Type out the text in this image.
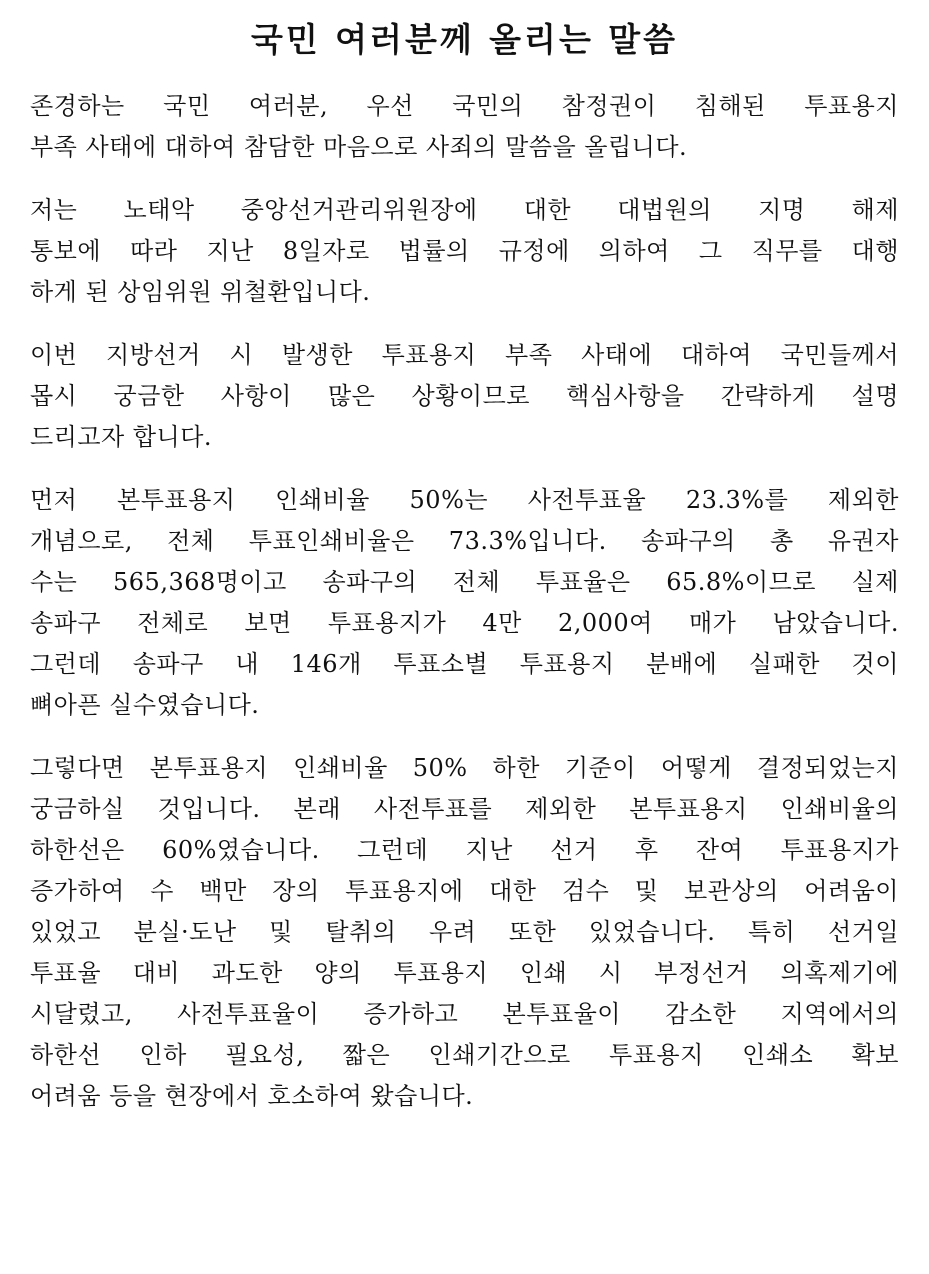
국민 여러분께 올리는 말씀
존경하는 국민 여러분, 우선 국민의 참정권이 침해된 투표용지
부족 사태에 대하여 참담한 마음으로 사죄의 말씀을 올립니다.
저는 노태악 중앙선거관리위원장에 대한 대법원의 지명 해제
통보에 따라 지난 8일자로 법률의 규정에 의하여 그 직무를 대행
하게 된 상임위원 위철환입니다.
이번 지방선거 시 발생한 투표용지 부족 사태에 대하여 국민들께서
몹시 궁금한 사항이 많은 상황이므로 핵심사항을 간략하게 설명
드리고자 합니다.
먼저 본투표용지 인쇄비율 50%는 사전투표율 23.3%를 제외한
개념으로, 전체 투표인쇄비율은 73.3%입니다. 송파구의 총 유권자
수는 565,368명이고 송파구의 전체 투표율은 65.8%이므로 실제
송파구 전체로 보면 투표용지가 4만 2,000여 매가 남았습니다.
그런데 송파구 내 146개 투표소별 투표용지 분배에 실패한 것이
뼈아픈 실수였습니다.
그렇다면 본투표용지 인쇄비율 50% 하한 기준이 어떻게 결정되었는지
궁금하실 것입니다. 본래 사전투표를 제외한 본투표용지 인쇄비율의
하한선은 60%였습니다. 그런데 지난 선거 후 잔여 투표용지가
증가하여 수 백만 장의 투표용지에 대한 검수 및 보관상의 어려움이
있었고 분실·도난 및 탈취의 우려 또한 있었습니다. 특히 선거일
투표율 대비 과도한 양의 투표용지 인쇄 시 부정선거 의혹제기에
시달렸고, 사전투표율이 증가하고 본투표율이 감소한 지역에서의
하한선 인하 필요성, 짧은 인쇄기간으로 투표용지 인쇄소 확보
어려움 등을 현장에서 호소하여 왔습니다.
